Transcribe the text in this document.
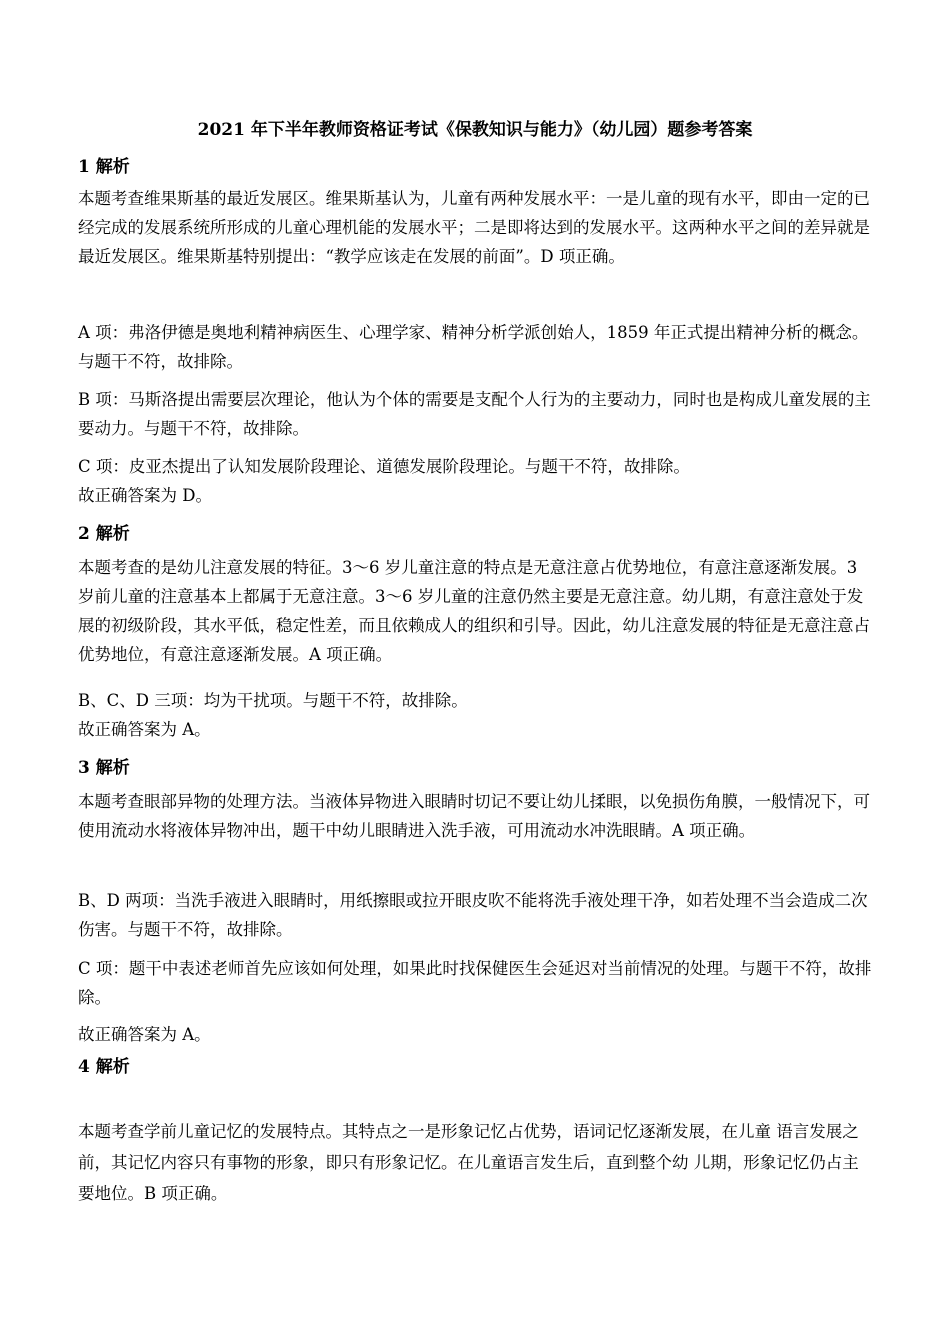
2021 年下半年教师资格证考试《保教知识与能力》（幼儿园）题参考答案
1 解析

本题考查维果斯基的最近发展区。维果斯基认为，儿童有两种发展水平：一是儿童的现有水平，即由一定的已经完成的发展系统所形成的儿童心理机能的发展水平；二是即将达到的发展水平。这两种水平之间的差异就是最近发展区。维果斯基特别提出：“教学应该走在发展的前面”。D 项正确。

A 项：弗洛伊德是奥地利精神病医生、心理学家、精神分析学派创始人，1859 年正式提出精神分析的概念。与题干不符，故排除。

B 项：马斯洛提出需要层次理论，他认为个体的需要是支配个人行为的主要动力，同时也是构成儿童发展的主要动力。与题干不符，故排除。

C 项：皮亚杰提出了认知发展阶段理论、道德发展阶段理论。与题干不符，故排除。

故正确答案为 D。

2 解析

本题考查的是幼儿注意发展的特征。3～6 岁儿童注意的特点是无意注意占优势地位，有意注意逐渐发展。3 岁前儿童的注意基本上都属于无意注意。3～6 岁儿童的注意仍然主要是无意注意。幼儿期，有意注意处于发展的初级阶段，其水平低，稳定性差，而且依赖成人的组织和引导。因此，幼儿注意发展的特征是无意注意占优势地位，有意注意逐渐发展。A 项正确。

B、C、D 三项：均为干扰项。与题干不符，故排除。

故正确答案为 A。

3 解析

本题考查眼部异物的处理方法。当液体异物进入眼睛时切记不要让幼儿揉眼，以免损伤角膜，一般情况下，可使用流动水将液体异物冲出，题干中幼儿眼睛进入洗手液，可用流动水冲洗眼睛。A 项正确。

B、D 两项：当洗手液进入眼睛时，用纸擦眼或拉开眼皮吹不能将洗手液处理干净，如若处理不当会造成二次伤害。与题干不符，故排除。

C 项：题干中表述老师首先应该如何处理，如果此时找保健医生会延迟对当前情况的处理。与题干不符，故排除。

故正确答案为 A。

4 解析

本题考查学前儿童记忆的发展特点。其特点之一是形象记忆占优势，语词记忆逐渐发展，在儿童 语言发展之前，其记忆内容只有事物的形象，即只有形象记忆。在儿童语言发生后，直到整个幼 儿期，形象记忆仍占主要地位。B 项正确。
